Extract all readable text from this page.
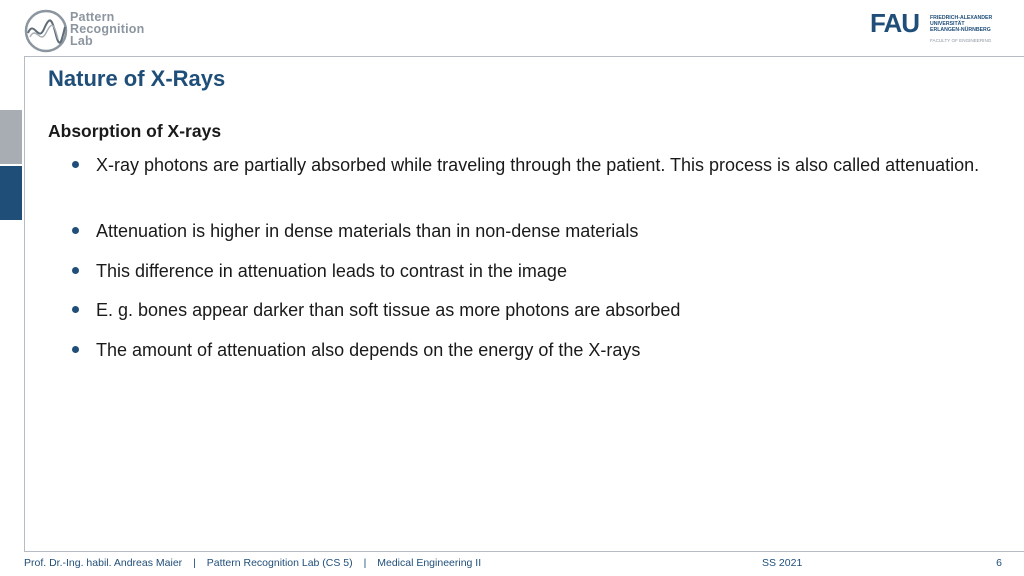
Pattern
Recognition
Lab
FAU FRIEDRICH-ALEXANDER
UNIVERSITÄT
ERLANGEN-NÜRNBERG
FACULTY OF ENGINEERING
Nature of X-Rays
Absorption of X-rays
X-ray photons are partially absorbed while traveling through the patient. This process is also called attenuation.
Attenuation is higher in dense materials than in non-dense materials
This difference in attenuation leads to contrast in the image
E. g. bones appear darker than soft tissue as more photons are absorbed
The amount of attenuation also depends on the energy of the X-rays
Prof. Dr.-Ing. habil. Andreas Maier | Pattern Recognition Lab (CS 5) | Medical Engineering II	SS 2021	6
